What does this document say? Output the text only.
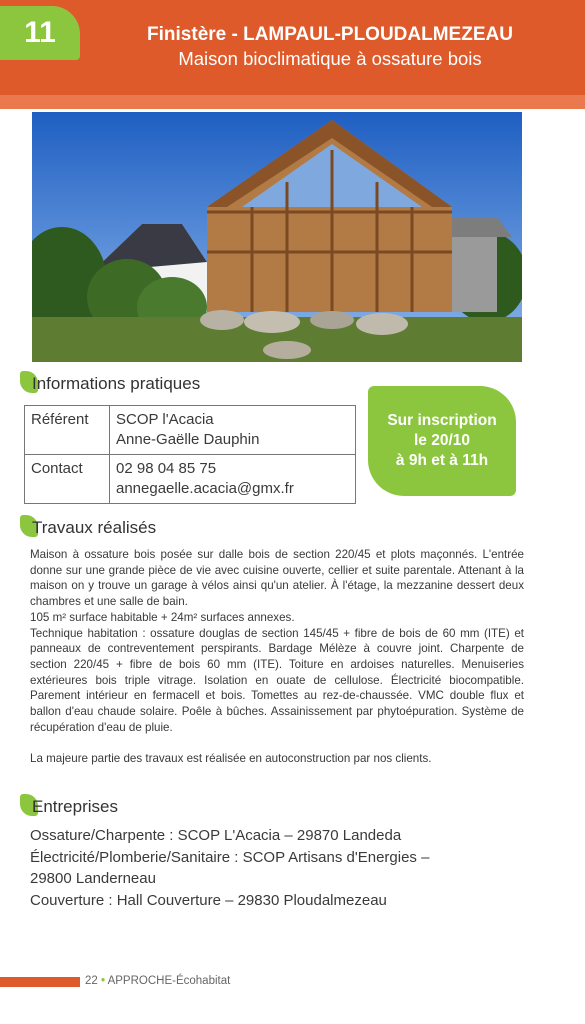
11	Finistère - LAMPAUL-PLOUDALMEZEAU
Maison bioclimatique à ossature bois
Informations pratiques
Référent	SCOP l'Acacia
Anne-Gaëlle Dauphin

Contact	02 98 04 85 75
annegaelle.acacia@gmx.fr
Sur inscription
le 20/10
à 9h et à 11h
Travaux réalisés

Maison à ossature bois posée sur dalle bois de section 220/45 et plots maçonnés. L'entrée donne sur une grande pièce de vie avec cuisine ouverte, cellier et suite parentale. Attenant à la maison on y trouve un garage à vélos ainsi qu'un atelier. À l'étage, la mezzanine dessert deux chambres et une salle de bain.

105 m² surface habitable + 24m² surfaces annexes.

Technique habitation : ossature douglas de section 145/45 + fibre de bois de 60 mm (ITE) et panneaux de contreventement perspirants. Bardage Mélèze à couvre joint. Charpente de section 220/45 + fibre de bois 60 mm (ITE). Toiture en ardoises naturelles. Menuiseries extérieures bois triple vitrage. Isolation en ouate de cellulose. Électricité biocompatible. Parement intérieur en fermacell et bois. Tomettes au rez-de-chaussée. VMC double flux et ballon d'eau chaude solaire. Poêle à bûches. Assainissement par phytoépuration. Système de récupération d'eau de pluie.

La majeure partie des travaux est réalisée en autoconstruction par nos clients.

Entreprises

Ossature/Charpente : SCOP L'Acacia – 29870 Landeda

Électricité/Plomberie/Sanitaire : SCOP Artisans d'Energies –

29800 Landerneau

Couverture : Hall Couverture – 29830 Ploudalmezeau

22 • APPROCHE-Écohabitat
